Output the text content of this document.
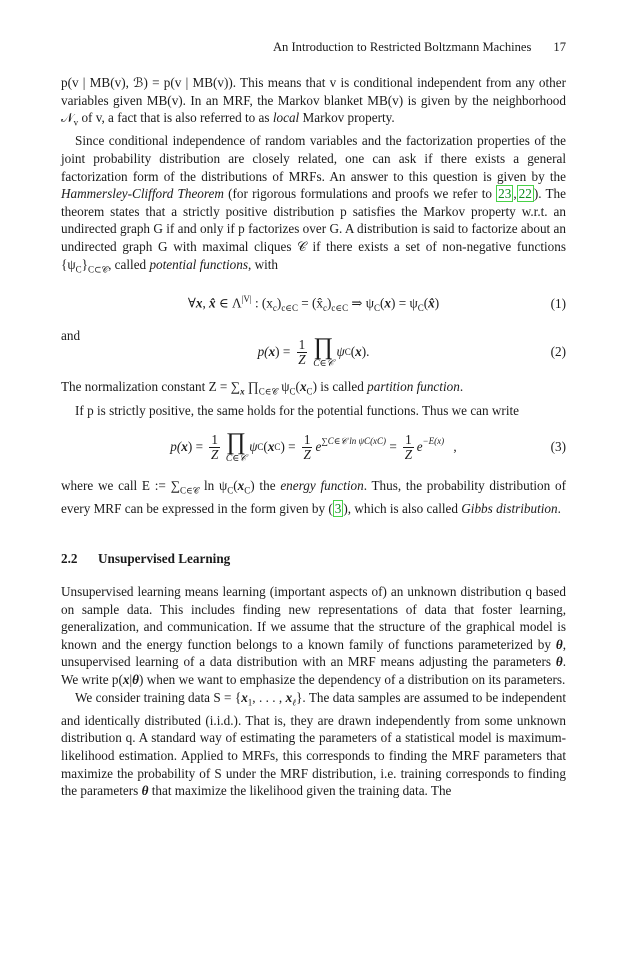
An Introduction to Restricted Boltzmann Machines 17

p(v | MB(v), ℬ) = p(v | MB(v)). This means that v is conditional independent from any other variables given MB(v). In an MRF, the Markov blanket MB(v) is given by the neighborhood 𝒩$_v$ of v, a fact that is also referred to as local Markov property.

Since conditional independence of random variables and the factorization properties of the joint probability distribution are closely related, one can ask if there exists a general factorization form of the distributions of MRFs. An answer to this question is given by the Hammersley-Clifford Theorem (for rigorous formulations and proofs we refer to 23 , 22 ). The theorem states that a strictly positive distribution p satisfies the Markov property w.r.t. an undirected graph G if and only if p factorizes over G. A distribution is said to factorize about an undirected graph G with maximal cliques 𝒞 if there exists a set of non-negative functions $\{\psi_C\}_{C\subset 𝒞}$, called potential functions, with

∀x, x̂ ∈ $\Lambda^{|V|}$ : $(x_c)_{c\in C}$ = $(x̂_c)_{c\in C}$ ⇒ $\psi_C(x)$ = $\psi_C(x̂)$	(1)

and

p( x ) = $\frac{1}{Z}$ ∏
C∈𝒞
ψ C ( x ).	(2)

The normalization constant $Z = \sum_x$ $\prod_{C\in 𝒞}$ $\psi_C(x_C)$ is called partition function.

If p is strictly positive, the same holds for the potential functions. Thus we can write

p( x ) = $\frac{1}{Z}$ ∏
C∈𝒞
ψ C ( x C ) = $\frac{1}{Z} e^{\sum C\in 𝒞 ln \psi C(xC)} = \frac{1}{Z} e^{-E(x)}$ ,	(3)

where we call E := $\sum_{C\in 𝒞}$ $\ln \psi_C(x_C)$ the energy function. Thus, the probability distribution of every MRF can be expressed in the form given by ( 3 ), which is also called Gibbs distribution.

2.2 Unsupervised Learning

Unsupervised learning means learning (important aspects of) an unknown distribution q based on sample data. This includes finding new representations of data that foster learning, generalization, and communication. If we assume that the structure of the graphical model is known and the energy function belongs to a known family of functions parameterized by θ, unsupervised learning of a data distribution with an MRF means adjusting the parameters θ. We write p(x|θ) when we want to emphasize the dependency of a distribution on its parameters.

We consider training data $S = \{x_1$, . . . , $x_\ell$}. The data samples are assumed to be independent and identically distributed (i.i.d.). That is, they are drawn independently from some unknown distribution q. A standard way of estimating the parameters of a statistical model is maximum-likelihood estimation. Applied to MRFs, this corresponds to finding the MRF parameters that maximize the probability of S under the MRF distribution, i.e. training corresponds to finding the parameters θ that maximize the likelihood given the training data. The
